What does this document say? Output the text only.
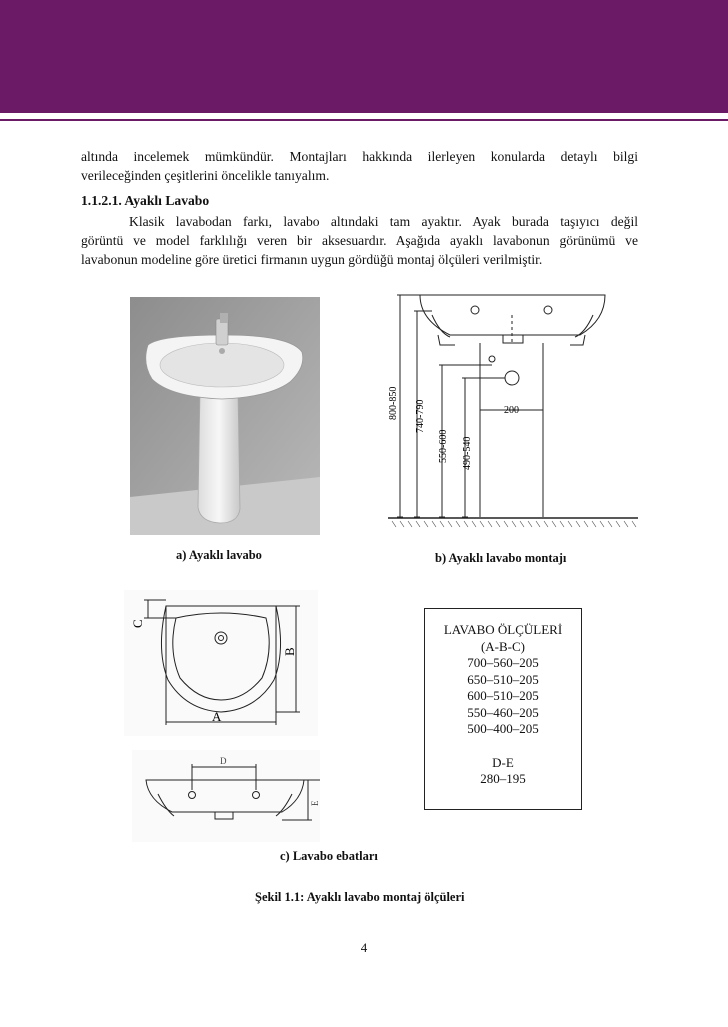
altında incelemek mümkündür. Montajları hakkında ilerleyen konularda detaylı bilgi
verileceğinden çeşitlerini öncelikle tanıyalım.
1.1.2.1. Ayaklı Lavabo
Klasik lavabodan farkı, lavabo altındaki tam ayaktır. Ayak burada taşıyıcı değil
görüntü ve model farklılığı veren bir aksesuardır. Aşağıda ayaklı lavabonun görünümü ve
lavabonun modeline göre üretici firmanın uygun gördüğü montaj ölçüleri verilmiştir.
800-850 740-790
550-600 490-540
200
a) Ayaklı lavabo	b) Ayaklı lavabo montajı
A
B
C
D
E
LAVABO ÖLÇÜLERİ
(A-B-C)
700–560–205
650–510–205
600–510–205
550–460–205
500–400–205
D-E
280–195
c) Lavabo ebatları
Şekil 1.1: Ayaklı lavabo montaj ölçüleri
4
